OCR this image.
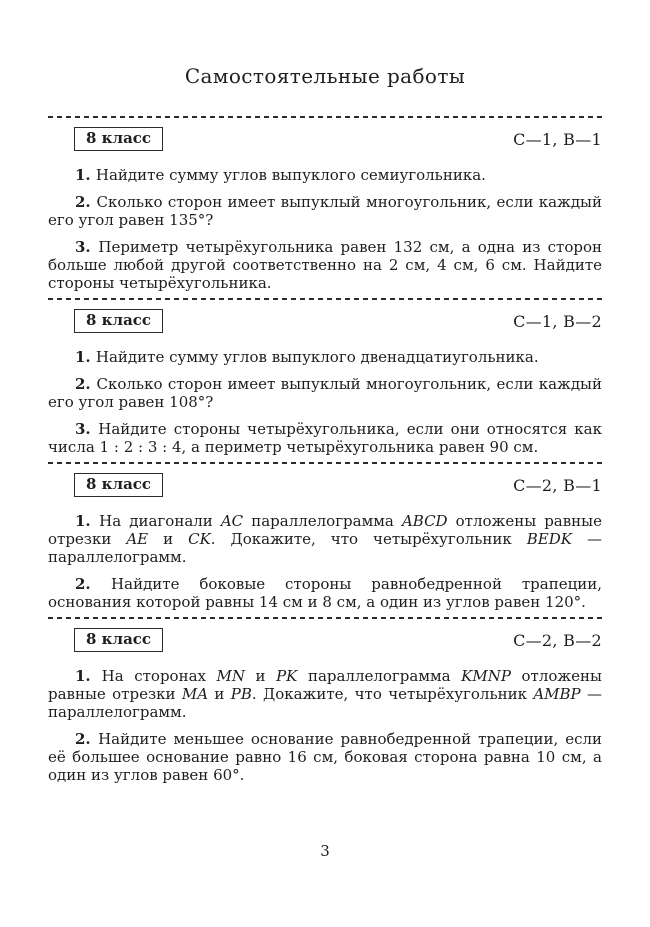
Самостоятельные работы
8 класс	С—1, В—1

1. Найдите сумму углов выпуклого семиугольника.

2. Сколько сторон имеет выпуклый многоугольник, если каждый его угол равен 135°?

3. Периметр четырёхугольника равен 132 см, а одна из сторон больше любой другой соответственно на 2 см, 4 см, 6 см. Найдите стороны четырёхугольника.

8 класс	С—1, В—2

1. Найдите сумму углов выпуклого двенадцатиугольника.

2. Сколько сторон имеет выпуклый многоугольник, если каждый его угол равен 108°?

3. Найдите стороны четырёхугольника, если они относятся как числа 1 : 2 : 3 : 4, а периметр четырёхугольника равен 90 см.

8 класс	С—2, В—1

1. На диагонали AC параллелограмма ABCD отложены равные отрезки AE и CK. Докажите, что четырёхугольник BEDK — параллелограмм.

2. Найдите боковые стороны равнобедренной трапеции, основания которой равны 14 см и 8 см, а один из углов равен 120°.

8 класс	С—2, В—2

1. На сторонах MN и PK параллелограмма KMNP отложены равные отрезки MA и PB. Докажите, что четырёхугольник AMBP — параллелограмм.

2. Найдите меньшее основание равнобедренной трапеции, если её большее основание равно 16 см, боковая сторона равна 10 см, а один из углов равен 60°.

3
